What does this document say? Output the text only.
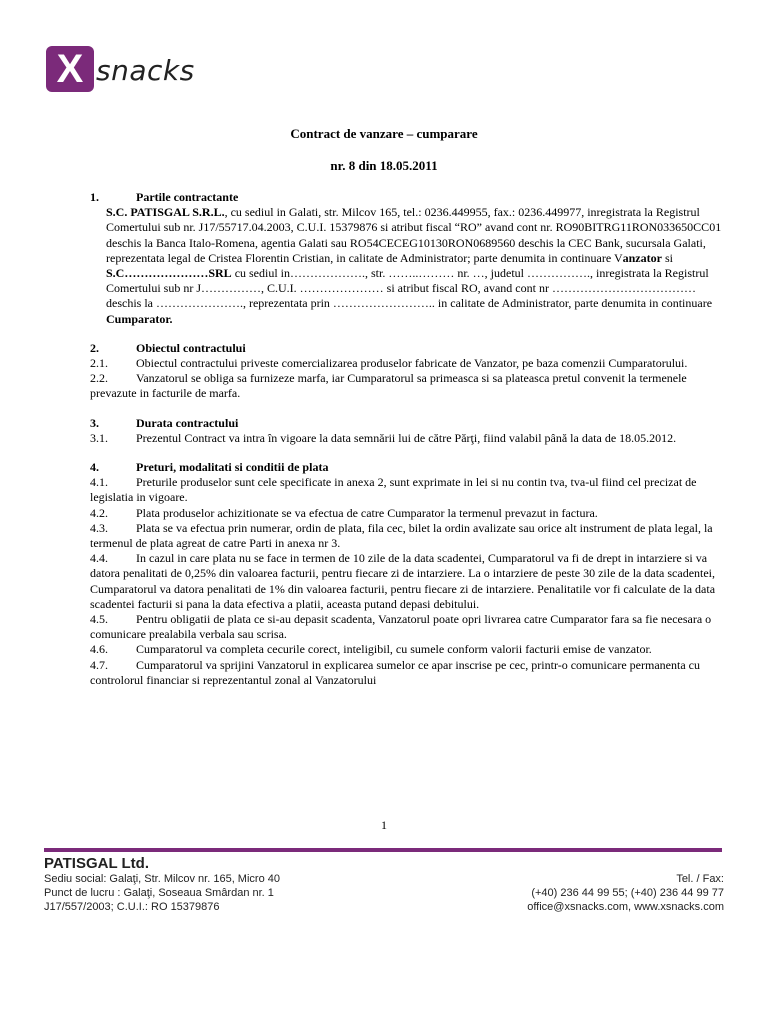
X snacks
Contract de vanzare – cumparare
nr. 8 din 18.05.2011
1.	Partile contractante

S.C. PATISGAL S.R.L., cu sediul in Galati, str. Milcov 165, tel.: 0236.449955, fax.: 0236.449977, inregistrata la Registrul Comertului sub nr. J17/55717.04.2003, C.U.I. 15379876 si atribut fiscal “RO” avand cont nr. RO90BITRG11RON033650CC01 deschis la Banca Italo-Romena, agentia Galati sau RO54CECEG10130RON0689560 deschis la CEC Bank, sucursala Galati, reprezentata legal de Cristea Florentin Cristian, in calitate de Administrator; parte denumita in continuare Vanzator si

S.C…………………SRL cu sediul in………………., str. ……..……… nr. …, judetul ……………., inregistrata la Registrul Comertului sub nr J……………, C.U.I. ………………… si atribut fiscal RO, avand cont nr ……………………………… deschis la …………………., reprezentata prin …………………….. in calitate de Administrator, parte denumita in continuare Cumparator.

2.	Obiectul contractului

2.1. Obiectul contractului priveste comercializarea produselor fabricate de Vanzator, pe baza comenzii Cumparatorului.

2.2. Vanzatorul se obliga sa furnizeze marfa, iar Cumparatorul sa primeasca si sa plateasca pretul convenit la termenele prevazute in facturile de marfa.

3.	Durata contractului

3.1. Prezentul Contract va intra în vigoare la data semnării lui de către Părţi, fiind valabil până la data de 18.05.2012.

4.	Preturi, modalitati si conditii de plata

4.1. Preturile produselor sunt cele specificate in anexa 2, sunt exprimate in lei si nu contin tva, tva-ul fiind cel precizat de legislatia in vigoare.

4.2. Plata produselor achizitionate se va efectua de catre Cumparator la termenul prevazut in factura.

4.3. Plata se va efectua prin numerar, ordin de plata, fila cec, bilet la ordin avalizate sau orice alt instrument de plata legal, la termenul de plata agreat de catre Parti in anexa nr 3.

4.4. In cazul in care plata nu se face in termen de 10 zile de la data scadentei, Cumparatorul va fi de drept in intarziere si va datora penalitati de 0,25% din valoarea facturii, pentru fiecare zi de intarziere. La o intarziere de peste 30 zile de la data scadentei, Cumparatorul va datora penalitati de 1% din valoarea facturii, pentru fiecare zi de intarziere. Penalitatile vor fi calculate de la data scadentei facturii si pana la data efectiva a platii, aceasta putand depasi debitului.

4.5. Pentru obligatii de plata ce si-au depasit scadenta, Vanzatorul poate opri livrarea catre Cumparator fara sa fie necesara o comunicare prealabila verbala sau scrisa.

4.6. Cumparatorul va completa cecurile corect, inteligibil, cu sumele conform valorii facturii emise de vanzator.

4.7. Cumparatorul va sprijini Vanzatorul in explicarea sumelor ce apar inscrise pe cec, printr-o comunicare permanenta cu controlorul financiar si reprezentantul zonal al Vanzatorului

1
PATISGAL Ltd.
Sediu social: Galaţi, Str. Milcov nr. 165, Micro 40	Tel. / Fax:
Punct de lucru : Galaţi, Soseaua Smârdan nr. 1	(+40) 236 44 99 55; (+40) 236 44 99 77
J17/557/2003; C.U.I.: RO 15379876	office@xsnacks.com, www.xsnacks.com
